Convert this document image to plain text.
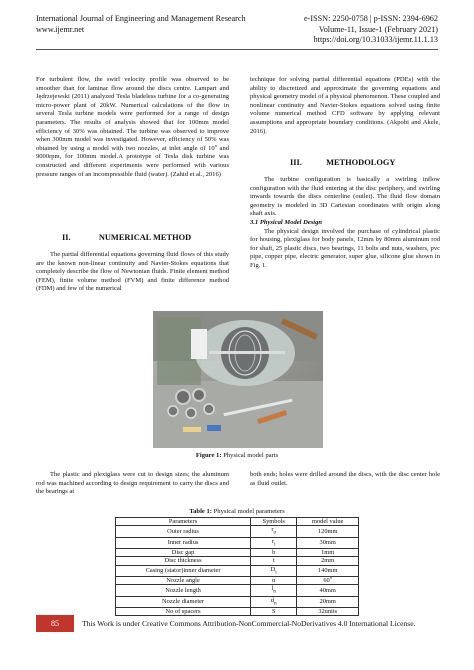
International Journal of Engineering and Management Research	e-ISSN: 2250-0758 | p-ISSN: 2394-6962
Volume-11, Issue-1 (February 2021)
https://doi.org/10.31033/ijemr.11.1.13
www.ijemr.net

For turbulent flow, the swirl velocity profile was observed to be smoother than for laminar flow around the discs centre. Lampart and Jędrzejewski (2011) analyzed Tesla bladeless turbine for a co-generating micro-power plant of 20kW. Numerical calculations of the flow in several Tesla turbine models were performed for a range of design parameters. The results of analysis showed that for 100mm model efficiency of 30% was obtained. The turbine was observed to improve when 300mm model was investigated. However, efficiency of 50% was obtained by using a model with two nozzles, at inlet angle of 10$^o$ and 9000rpm, for 100mm model.A prototype of Tesla disk turbine was constructed and different experiments were performed with various pressure ranges of an incompressible fluid (water). (Zahid et al., 2016)

II.	NUMERICAL METHOD

The partial differential equations governing fluid flows of this study are the known non-linear continuity and Navier-Stokes equations that completely describe the flow of Newtonian fluids. Finite element method (FEM), finite volume method (FVM) and finite difference method (FDM) and few of the numerical

technique for solving partial differential equations (PDEs) with the ability to discretized and approximate the governing equations and physical geometry model of a physical phenomenon. These coupled and nonlinear continuity and Navier-Stokes equations solved using finite volume numerical method CFD software by applying relevant assumptions and appropriate boundary conditions. (Akpobi and Akele, 2016).

III.	METHODOLOGY

The turbine configuration is basically a swirling inflow configuration with the fluid entering at the disc periphery, and swirling inwards towards the discs centerline (outlet). The fluid flow domain geometry is modeled in 3D Cartesian coordinates with origin along shaft axis.

3.1 Physical Model Design

The physical design involved the purchase of cylindrical plastic for housing, plexiglass for body panels, 12mm by 80mm aluminum rod for shaft, 25 plastic discs, two bearings, 11 bolts and nuts, washers, pvc pipe, copper pipe, electric generator, super glue, silicone glue shown in Fig. 1.

Figure 1: Physical model parts

The plastic and plexiglass were cut to design sizes; the aluminum rod was machined according to design requirement to carry the discs and the bearings at

both ends; holes were drilled around the discs, with the disc center hole as fluid outlet.

Table 1: Physical model parameters
Parameters	Symbols	model value
Outer radius	$r_o$	120mm
Inner radius	$r_i$	30mm
Disc gap	b	1mm
Disc thickness	t	2mm
Casing (stator)inner diameter	$D_i$	140mm
Nozzle angle	α	60$^o$
Nozzle length	$l_n$	40mm
Nozzle diameter	$d_n$	20mm
No of spacers	S	32units
85	This Work is under Creative Commons Attribution-NonCommercial-NoDerivatives 4.0 International License.
